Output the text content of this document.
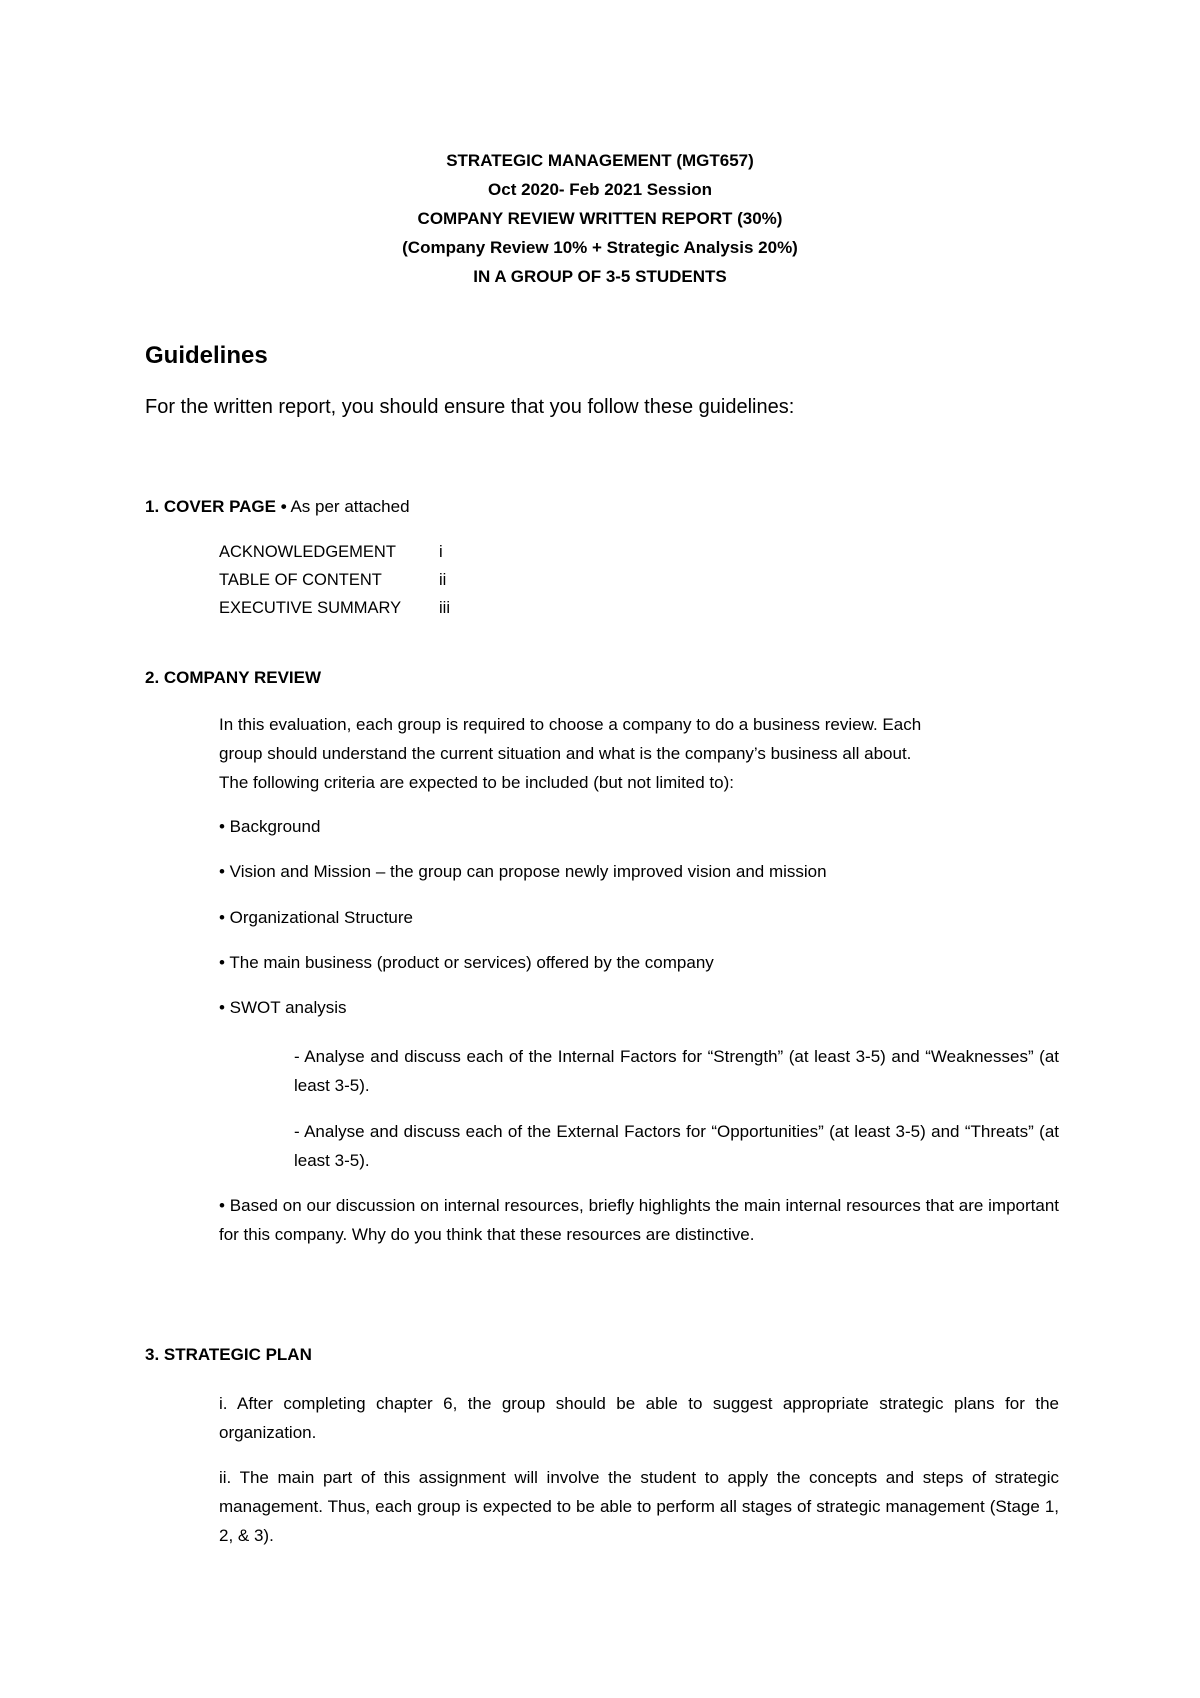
STRATEGIC MANAGEMENT (MGT657)
Oct 2020- Feb 2021 Session
COMPANY REVIEW WRITTEN REPORT (30%)
(Company Review 10% + Strategic Analysis 20%)
IN A GROUP OF 3-5 STUDENTS
Guidelines
For the written report, you should ensure that you follow these guidelines:
1. COVER PAGE • As per attached
ACKNOWLEDGEMENT	i
TABLE OF CONTENT	ii
EXECUTIVE SUMMARY	iii
2. COMPANY REVIEW
In this evaluation, each group is required to choose a company to do a business review. Each
group should understand the current situation and what is the company’s business all about.
The following criteria are expected to be included (but not limited to):
• Background
• Vision and Mission – the group can propose newly improved vision and mission
• Organizational Structure
• The main business (product or services) offered by the company
• SWOT analysis
- Analyse and discuss each of the Internal Factors for “Strength” (at least 3-5) and “Weaknesses” (at least 3-5).
- Analyse and discuss each of the External Factors for “Opportunities” (at least 3-5) and “Threats” (at least 3-5).
• Based on our discussion on internal resources, briefly highlights the main internal resources that are important for this company. Why do you think that these resources are distinctive.
3. STRATEGIC PLAN
i. After completing chapter 6, the group should be able to suggest appropriate strategic plans for the organization.
ii. The main part of this assignment will involve the student to apply the concepts and steps of strategic management. Thus, each group is expected to be able to perform all stages of strategic management (Stage 1, 2, & 3).
